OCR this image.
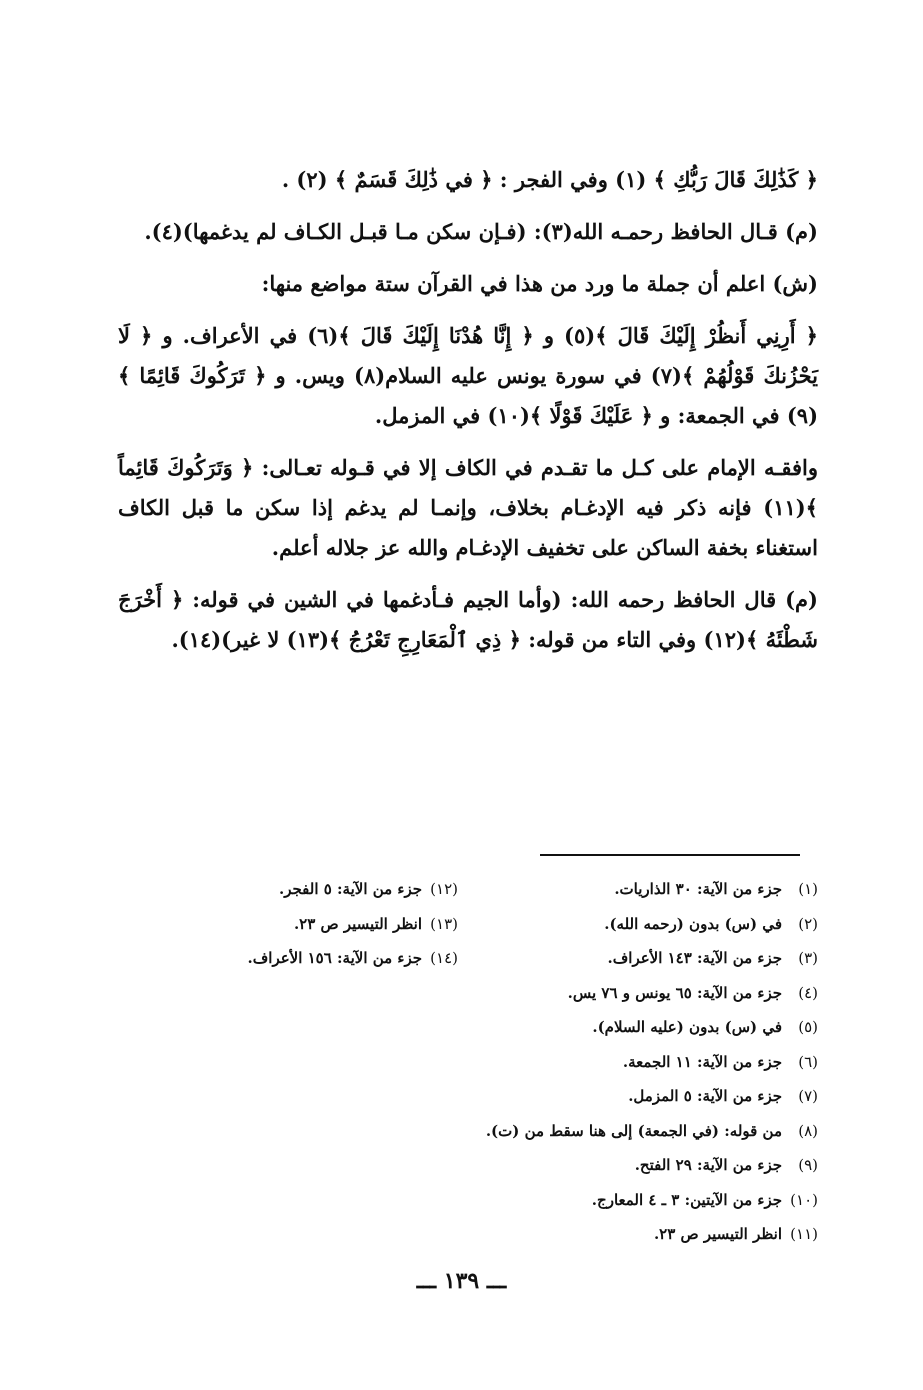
﴿ كَذَٰلِكَ قَالَ رَبُّكِ ﴾ (١) وفي الفجر : ﴿ في ذَٰلِكَ قَسَمٌ ﴾ (٢) .

(م) قـال الحافظ رحمـه الله(٣): (فـإن سكن مـا قبـل الكـاف لم يدغمها)(٤).

(ش) اعلم أن جملة ما ورد من هذا في القرآن ستة مواضع منها:

﴿ أَرِنِي أَنظُرْ إِلَيْكَ قَالَ ﴾(٥) و ﴿ إِنَّا هُدْنَا إِلَيْكَ قَالَ ﴾(٦) في الأعراف. و ﴿ لَا يَحْزُنكَ قَوْلُهُمْ ﴾(٧) في سورة يونس عليه السلام(٨) ويس. و ﴿ تَرَكُوكَ قَائِمًا ﴾(٩) في الجمعة: و ﴿ عَلَيْكَ قَوْلًا ﴾(١٠) في المزمل.

وافقـه الإمام على كـل ما تقـدم في الكاف إلا في قـوله تعـالى: ﴿ وَتَرَكُوكَ قَائِماً ﴾(١١) فإنه ذكر فيه الإدغـام بخلاف، وإنمـا لم يدغم إذا سكن ما قبل الكاف استغناء بخفة الساكن على تخفيف الإدغـام والله عز جلاله أعلم.

(م) قال الحافظ رحمه الله: (وأما الجيم فـأدغمها في الشين في قوله: ﴿ أَخْرَجَ شَطْئَهُ ﴾(١٢) وفي التاء من قوله: ﴿ ذِي ٱلْمَعَارِجِ تَعْرُجُ ﴾(١٣) لا غير)(١٤).

(١)جزء من الآية: ٣٠ الذاريات.
(١٢)جزء من الآية: ٥ الفجر.
(٢)في (س) بدون (رحمه الله).
(١٣)انظر التيسير ص ٢٣.
(٣)جزء من الآية: ١٤٣ الأعراف.
(١٤)جزء من الآية: ١٥٦ الأعراف.
(٤)جزء من الآية: ٦٥ يونس و ٧٦ يس.
(٥)في (س) بدون (عليه السلام).
(٦)جزء من الآية: ١١ الجمعة.
(٧)جزء من الآية: ٥ المزمل.
(٨)من قوله: (في الجمعة) إلى هنا سقط من (ت).
(٩)جزء من الآية: ٢٩ الفتح.
(١٠)جزء من الآيتين: ٣ ـ ٤ المعارج.
(١١)انظر التيسير ص ٢٣.
ـــ ١٣٩ ـــ
